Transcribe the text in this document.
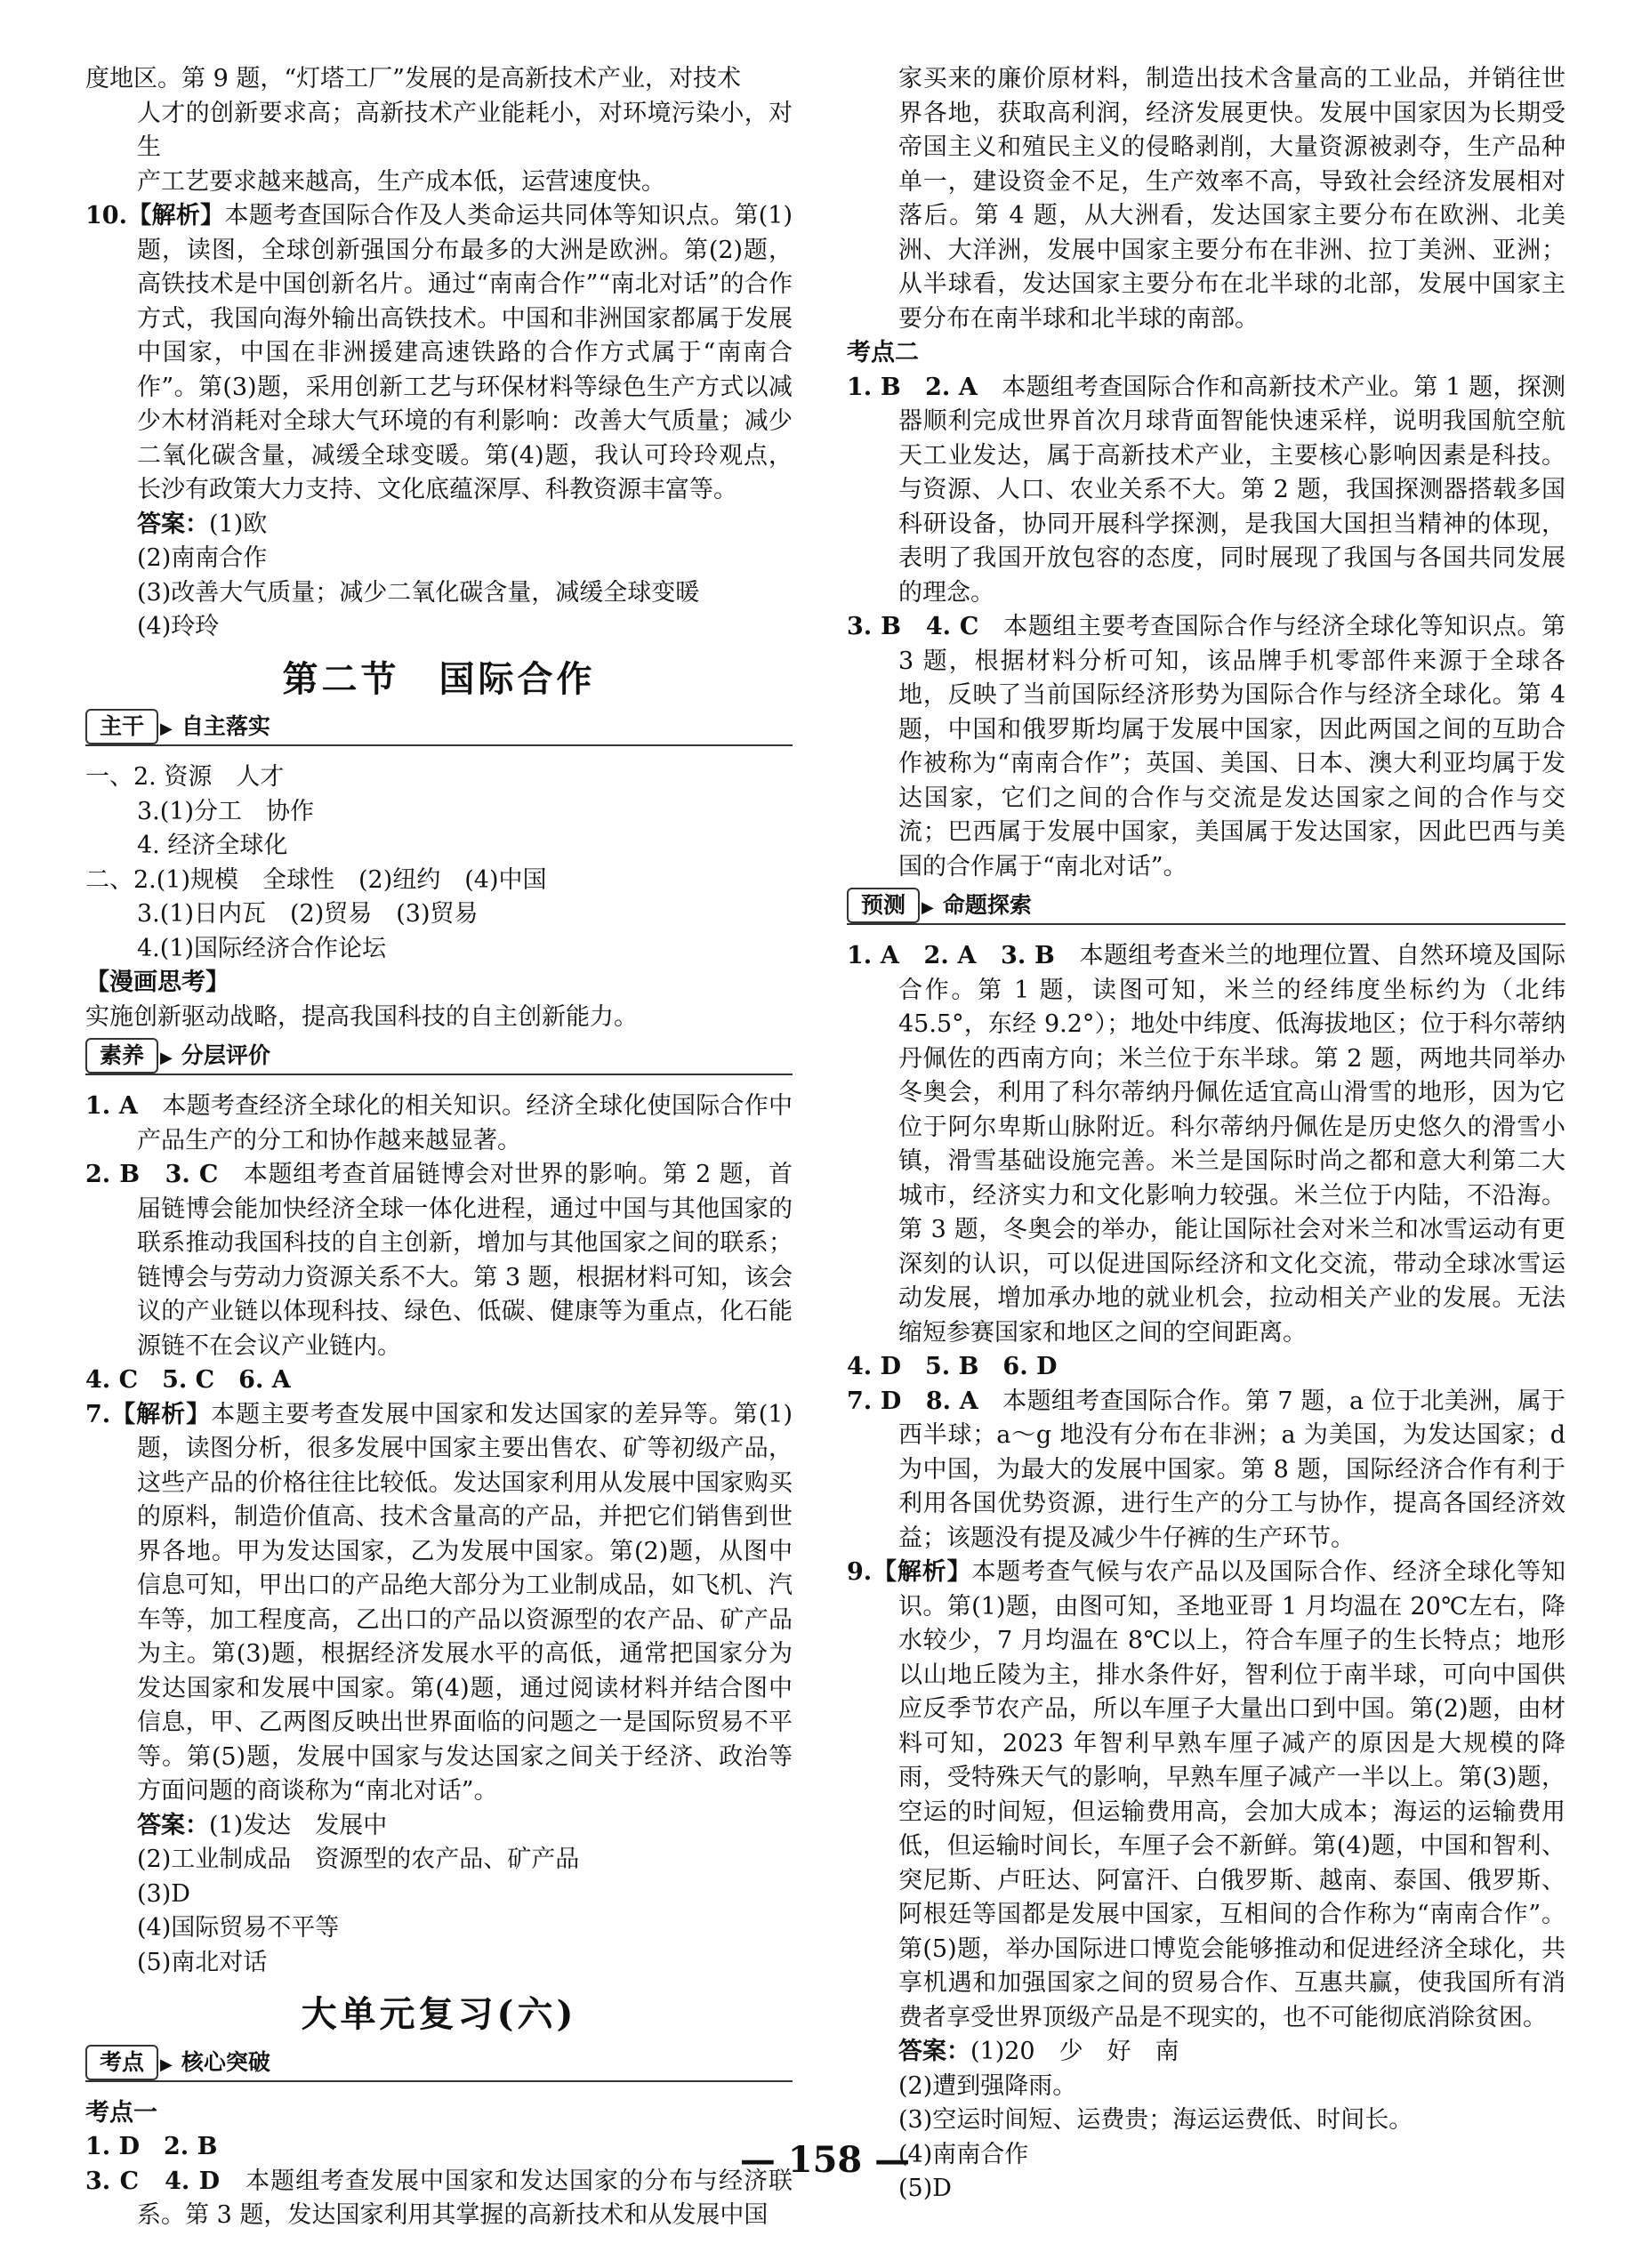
度地区。第 9 题，“灯塔工厂”发展的是高新技术产业，对技术

人才的创新要求高；高新技术产业能耗小，对环境污染小，对生

产工艺要求越来越高，生产成本低，运营速度快。

10.【解析】本题考查国际合作及人类命运共同体等知识点。第(1)题，读图，全球创新强国分布最多的大洲是欧洲。第(2)题，高铁技术是中国创新名片。通过“南南合作”“南北对话”的合作方式，我国向海外输出高铁技术。中国和非洲国家都属于发展中国家，中国在非洲援建高速铁路的合作方式属于“南南合作”。第(3)题，采用创新工艺与环保材料等绿色生产方式以减少木材消耗对全球大气环境的有利影响：改善大气质量；减少二氧化碳含量，减缓全球变暖。第(4)题，我认可玲玲观点，长沙有政策大力支持、文化底蕴深厚、科教资源丰富等。

答案：(1)欧

(2)南南合作

(3)改善大气质量；减少二氧化碳含量，减缓全球变暖

(4)玲玲

第二节　国际合作
主干 ▶ 自主落实

一、2. 资源　人才

3.(1)分工　协作

4. 经济全球化

二、2.(1)规模　全球性　(2)纽约　(4)中国

3.(1)日内瓦　(2)贸易　(3)贸易

4.(1)国际经济合作论坛

【漫画思考】

实施创新驱动战略，提高我国科技的自主创新能力。

素养 ▶ 分层评价

1. A　 本题考查经济全球化的相关知识。经济全球化使国际合作中产品生产的分工和协作越来越显著。

2. B　3. C　 本题组考查首届链博会对世界的影响。第 2 题，首届链博会能加快经济全球一体化进程，通过中国与其他国家的联系推动我国科技的自主创新，增加与其他国家之间的联系；链博会与劳动力资源关系不大。第 3 题，根据材料可知，该会议的产业链以体现科技、绿色、低碳、健康等为重点，化石能源链不在会议产业链内。

4. C　5. C　6. A

7.【解析】本题主要考查发展中国家和发达国家的差异等。第(1)题，读图分析，很多发展中国家主要出售农、矿等初级产品，这些产品的价格往往比较低。发达国家利用从发展中国家购买的原料，制造价值高、技术含量高的产品，并把它们销售到世界各地。甲为发达国家，乙为发展中国家。第(2)题，从图中信息可知，甲出口的产品绝大部分为工业制成品，如飞机、汽车等，加工程度高，乙出口的产品以资源型的农产品、矿产品为主。第(3)题，根据经济发展水平的高低，通常把国家分为发达国家和发展中国家。第(4)题，通过阅读材料并结合图中信息，甲、乙两图反映出世界面临的问题之一是国际贸易不平等。第(5)题，发展中国家与发达国家之间关于经济、政治等方面问题的商谈称为“南北对话”。

答案：(1)发达　发展中

(2)工业制成品　资源型的农产品、矿产品

(3)D

(4)国际贸易不平等

(5)南北对话

大单元复习(六)
考点 ▶ 核心突破

考点一

1. D　2. B

3. C　4. D　 本题组考查发展中国家和发达国家的分布与经济联系。第 3 题，发达国家利用其掌握的高新技术和从发展中国

家买来的廉价原材料，制造出技术含量高的工业品，并销往世界各地，获取高利润，经济发展更快。发展中国家因为长期受帝国主义和殖民主义的侵略剥削，大量资源被剥夺，生产品种单一，建设资金不足，生产效率不高，导致社会经济发展相对落后。第 4 题，从大洲看，发达国家主要分布在欧洲、北美洲、大洋洲，发展中国家主要分布在非洲、拉丁美洲、亚洲；从半球看，发达国家主要分布在北半球的北部，发展中国家主要分布在南半球和北半球的南部。

考点二

1. B　2. A　 本题组考查国际合作和高新技术产业。第 1 题，探测器顺利完成世界首次月球背面智能快速采样，说明我国航空航天工业发达，属于高新技术产业，主要核心影响因素是科技。与资源、人口、农业关系不大。第 2 题，我国探测器搭载多国科研设备，协同开展科学探测，是我国大国担当精神的体现，表明了我国开放包容的态度，同时展现了我国与各国共同发展的理念。

3. B　4. C　 本题组主要考查国际合作与经济全球化等知识点。第 3 题，根据材料分析可知，该品牌手机零部件来源于全球各地，反映了当前国际经济形势为国际合作与经济全球化。第 4 题，中国和俄罗斯均属于发展中国家，因此两国之间的互助合作被称为“南南合作”；英国、美国、日本、澳大利亚均属于发达国家，它们之间的合作与交流是发达国家之间的合作与交流；巴西属于发展中国家，美国属于发达国家，因此巴西与美国的合作属于“南北对话”。

预测 ▶ 命题探索

1. A　2. A　3. B　 本题组考查米兰的地理位置、自然环境及国际合作。第 1 题，读图可知，米兰的经纬度坐标约为（北纬 45.5°，东经 9.2°）；地处中纬度、低海拔地区；位于科尔蒂纳丹佩佐的西南方向；米兰位于东半球。第 2 题，两地共同举办冬奥会，利用了科尔蒂纳丹佩佐适宜高山滑雪的地形，因为它位于阿尔卑斯山脉附近。科尔蒂纳丹佩佐是历史悠久的滑雪小镇，滑雪基础设施完善。米兰是国际时尚之都和意大利第二大城市，经济实力和文化影响力较强。米兰位于内陆，不沿海。第 3 题，冬奥会的举办，能让国际社会对米兰和冰雪运动有更深刻的认识，可以促进国际经济和文化交流，带动全球冰雪运动发展，增加承办地的就业机会，拉动相关产业的发展。无法缩短参赛国家和地区之间的空间距离。

4. D　5. B　6. D

7. D　8. A　 本题组考查国际合作。第 7 题，a 位于北美洲，属于西半球；a～g 地没有分布在非洲；a 为美国，为发达国家；d 为中国，为最大的发展中国家。第 8 题，国际经济合作有利于利用各国优势资源，进行生产的分工与协作，提高各国经济效益；该题没有提及减少牛仔裤的生产环节。

9.【解析】本题考查气候与农产品以及国际合作、经济全球化等知识。第(1)题，由图可知，圣地亚哥 1 月均温在 20℃左右，降水较少，7 月均温在 8℃以上，符合车厘子的生长特点；地形以山地丘陵为主，排水条件好，智利位于南半球，可向中国供应反季节农产品，所以车厘子大量出口到中国。第(2)题，由材料可知，2023 年智利早熟车厘子减产的原因是大规模的降雨，受特殊天气的影响，早熟车厘子减产一半以上。第(3)题，空运的时间短，但运输费用高，会加大成本；海运的运输费用低，但运输时间长，车厘子会不新鲜。第(4)题，中国和智利、突尼斯、卢旺达、阿富汗、白俄罗斯、越南、泰国、俄罗斯、阿根廷等国都是发展中国家，互相间的合作称为“南南合作”。第(5)题，举办国际进口博览会能够推动和促进经济全球化，共享机遇和加强国家之间的贸易合作、互惠共赢，使我国所有消费者享受世界顶级产品是不现实的，也不可能彻底消除贫困。

答案：(1)20　少　好　南

(2)遭到强降雨。

(3)空运时间短、运费贵；海运运费低、时间长。

(4)南南合作

(5)D

— 158 —
